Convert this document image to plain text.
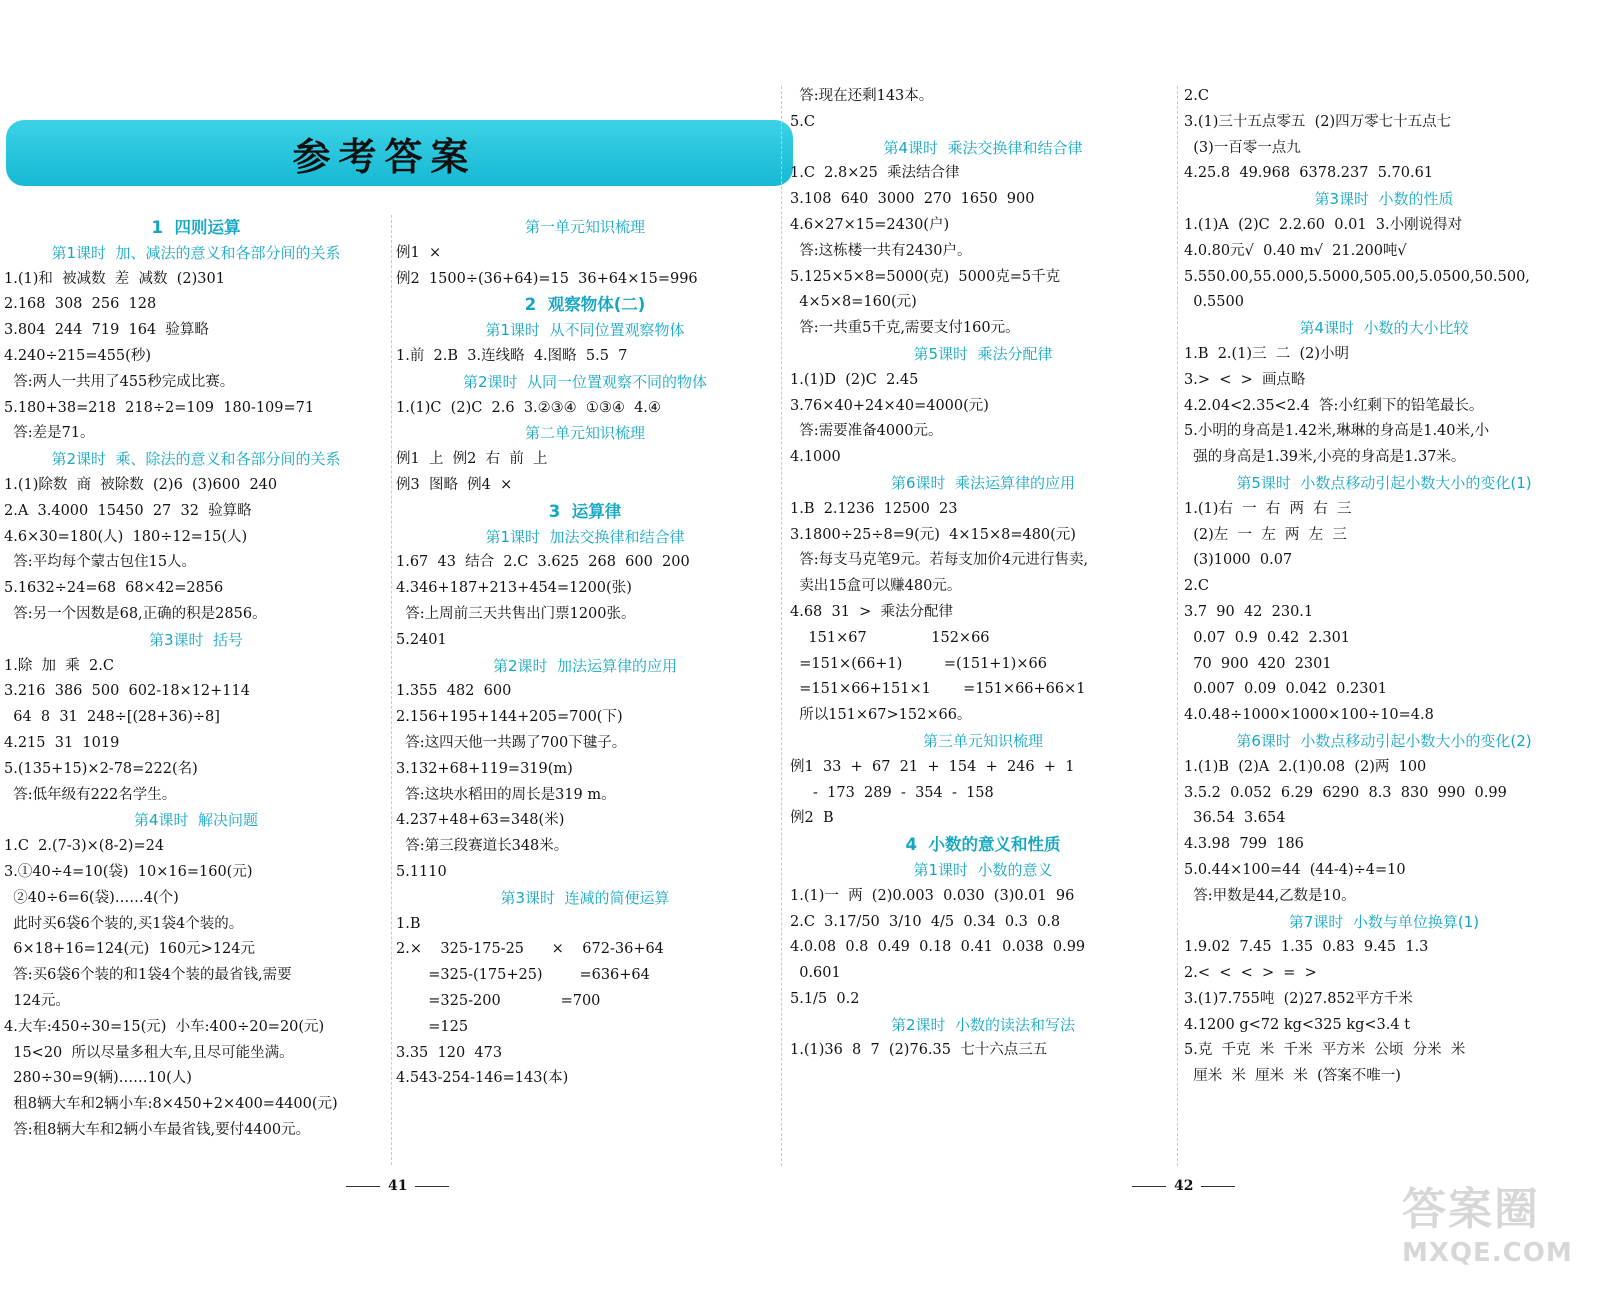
参考答案
1  四则运算
第1课时  加、减法的意义和各部分间的关系
1.(1)和  被减数  差  减数  (2)301
2.168  308  256  128
3.804  244  719  164  验算略
4.240÷215=455(秒)
答:两人一共用了455秒完成比赛。
5.180+38=218  218÷2=109  180-109=71
答:差是71。
第2课时  乘、除法的意义和各部分间的关系
1.(1)除数  商  被除数  (2)6  (3)600  240
2.A  3.4000  15450  27  32  验算略
4.6×30=180(人)  180÷12=15(人)
答:平均每个蒙古包住15人。
5.1632÷24=68  68×42=2856
答:另一个因数是68,正确的积是2856。
第3课时  括号
1.除  加  乘  2.C
3.216  386  500  602-18×12+114
64  8  31  248÷[(28+36)÷8]
4.215  31  1019
5.(135+15)×2-78=222(名)
答:低年级有222名学生。
第4课时  解决问题
1.C  2.(7-3)×(8-2)=24
3.①40÷4=10(袋)  10×16=160(元)
②40÷6=6(袋)……4(个)
此时买6袋6个装的,买1袋4个装的。
6×18+16=124(元)  160元>124元
答:买6袋6个装的和1袋4个装的最省钱,需要
124元。
4.大车:450÷30=15(元)  小车:400÷20=20(元)
15<20  所以尽量多租大车,且尽可能坐满。
280÷30=9(辆)……10(人)
租8辆大车和2辆小车:8×450+2×400=4400(元)
答:租8辆大车和2辆小车最省钱,要付4400元。
第一单元知识梳理
例1  ×
例2  1500÷(36+64)=15  36+64×15=996
2  观察物体(二)
第1课时  从不同位置观察物体
1.前  2.B  3.连线略  4.图略  5.5  7
第2课时  从同一位置观察不同的物体
1.(1)C  (2)C  2.6  3.②③④  ①③④  4.④
第二单元知识梳理
例1  上  例2  右  前  上
例3  图略  例4  ×
3  运算律
第1课时  加法交换律和结合律
1.67  43  结合  2.C  3.625  268  600  200
4.346+187+213+454=1200(张)
答:上周前三天共售出门票1200张。
5.2401
第2课时  加法运算律的应用
1.355  482  600
2.156+195+144+205=700(下)
答:这四天他一共踢了700下毽子。
3.132+68+119=319(m)
答:这块水稻田的周长是319 m。
4.237+48+63=348(米)
答:第三段赛道长348米。
5.1110
第3课时  连减的简便运算
1.B
2.×    325-175-25      ×    672-36+64
=325-(175+25)        =636+64
=325-200             =700
=125
3.35  120  473
4.543-254-146=143(本)
答:现在还剩143本。
5.C
第4课时  乘法交换律和结合律
1.C  2.8×25  乘法结合律
3.108  640  3000  270  1650  900
4.6×27×15=2430(户)
答:这栋楼一共有2430户。
5.125×5×8=5000(克)  5000克=5千克
4×5×8=160(元)
答:一共重5千克,需要支付160元。
第5课时  乘法分配律
1.(1)D  (2)C  2.45
3.76×40+24×40=4000(元)
答:需要准备4000元。
4.1000
第6课时  乘法运算律的应用
1.B  2.1236  12500  23
3.1800÷25÷8=9(元)  4×15×8=480(元)
答:每支马克笔9元。若每支加价4元进行售卖,
卖出15盒可以赚480元。
4.68  31  >  乘法分配律
151×67              152×66
=151×(66+1)         =(151+1)×66
=151×66+151×1       =151×66+66×1
所以151×67>152×66。
第三单元知识梳理
例1  33  +  67  21  +  154  +  246  +  1
-  173  289  -  354  -  158
例2  B
4  小数的意义和性质
第1课时  小数的意义
1.(1)一  两  (2)0.003  0.030  (3)0.01  96
2.C  3.17/50  3/10  4/5  0.34  0.3  0.8
4.0.08  0.8  0.49  0.18  0.41  0.038  0.99
0.601
5.1/5  0.2
第2课时  小数的读法和写法
1.(1)36  8  7  (2)76.35  七十六点三五
2.C
3.(1)三十五点零五  (2)四万零七十五点七
(3)一百零一点九
4.25.8  49.968  6378.237  5.70.61
第3课时  小数的性质
1.(1)A  (2)C  2.2.60  0.01  3.小刚说得对
4.0.80元√  0.40 m√  21.200吨√
5.550.00,55.000,5.5000,505.00,5.0500,50.500,
0.5500
第4课时  小数的大小比较
1.B  2.(1)三  二  (2)小明
3.>  <  >  画点略
4.2.04<2.35<2.4  答:小红剩下的铅笔最长。
5.小明的身高是1.42米,琳琳的身高是1.40米,小
强的身高是1.39米,小亮的身高是1.37米。
第5课时  小数点移动引起小数大小的变化(1)
1.(1)右  一  右  两  右  三
(2)左  一  左  两  左  三
(3)1000  0.07
2.C
3.7  90  42  230.1
0.07  0.9  0.42  2.301
70  900  420  2301
0.007  0.09  0.042  0.2301
4.0.48÷1000×1000×100÷10=4.8
第6课时  小数点移动引起小数大小的变化(2)
1.(1)B  (2)A  2.(1)0.08  (2)两  100
3.5.2  0.052  6.29  6290  8.3  830  990  0.99
36.54  3.654
4.3.98  799  186
5.0.44×100=44  (44-4)÷4=10
答:甲数是44,乙数是10。
第7课时  小数与单位换算(1)
1.9.02  7.45  1.35  0.83  9.45  1.3
2.<  <  <  >  =  >
3.(1)7.755吨  (2)27.852平方千米
4.1200 g<72 kg<325 kg<3.4 t
5.克  千克  米  千米  平方米  公顷  分米  米
厘米  米  厘米  米  (答案不唯一)
41	42	答案圈
MXQE.COM
